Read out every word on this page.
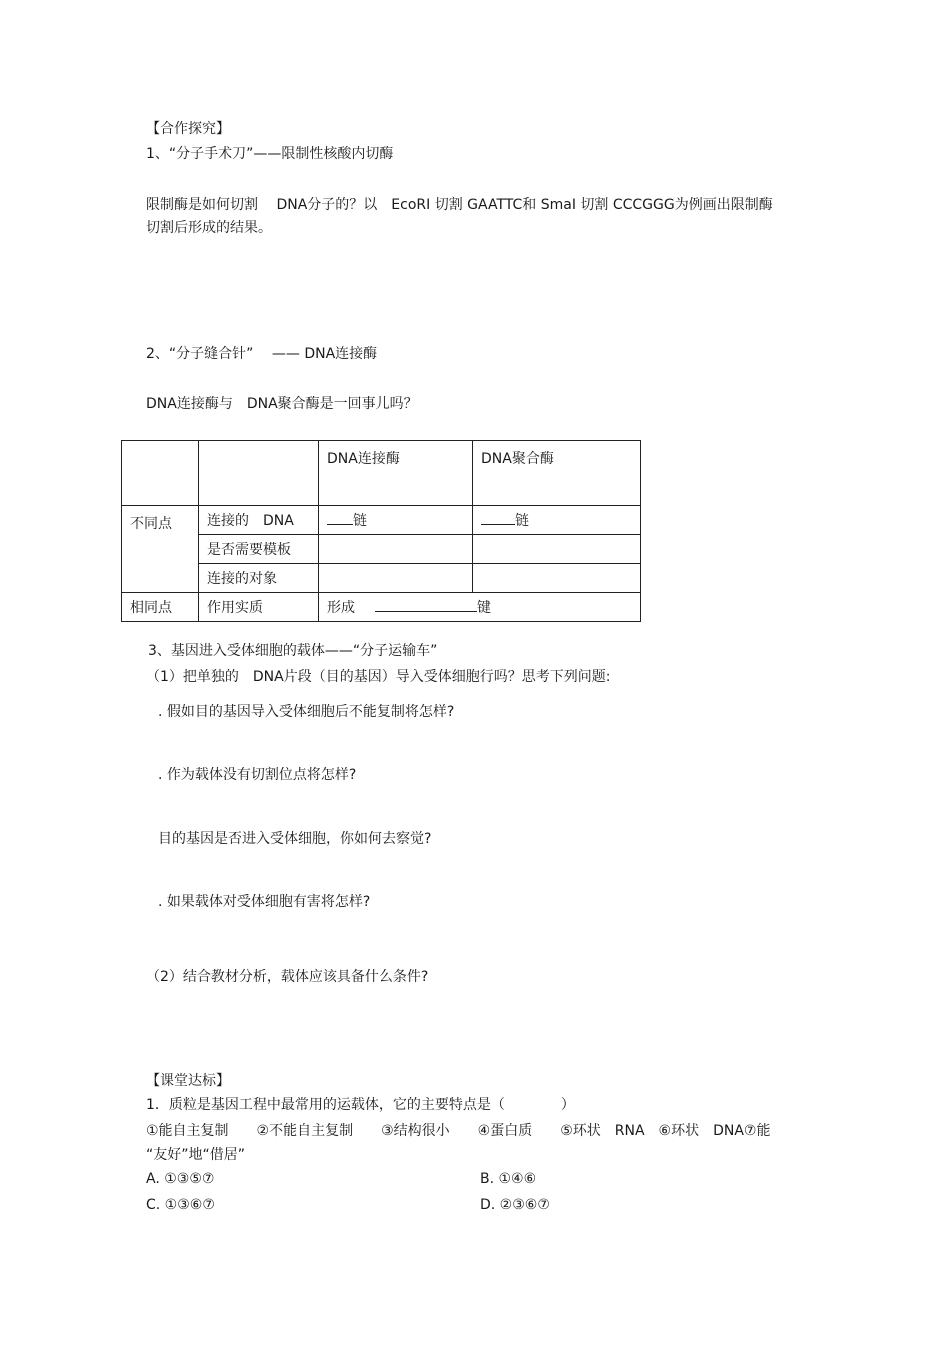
【合作探究】
1、“分子手术刀”——限制性核酸内切酶
限制酶是如何切割　 DNA分子的？以　EcoRI 切割 GAATTC和 SmaI 切割 CCCGGG为例画出限制酶
切割后形成的结果。
2、“分子缝合针”　 —— DNA连接酶
DNA连接酶与　DNA聚合酶是一回事儿吗？
		DNA连接酶	DNA聚合酶
不同点	连接的　DNA	链	链
	是否需要模板		
	连接的对象		
相同点	作用实质	形成 键	
3、基因进入受体细胞的载体——“分子运输车”
（1）把单独的　DNA片段（目的基因）导入受体细胞行吗？思考下列问题:
. 假如目的基因导入受体细胞后不能复制将怎样?
. 作为载体没有切割位点将怎样?
目的基因是否进入受体细胞，你如何去察觉?
. 如果载体对受体细胞有害将怎样?
（2）结合教材分析，载体应该具备什么条件?
【课堂达标】
1．质粒是基因工程中最常用的运载体，它的主要特点是（　　　　）
①能自主复制　　②不能自主复制　　③结构很小　　④蛋白质　　⑤环状　RNA　⑥环状　DNA⑦能
“友好”地“借居”
A. ①③⑤⑦	B. ①④⑥
C. ①③⑥⑦	D. ②③⑥⑦
